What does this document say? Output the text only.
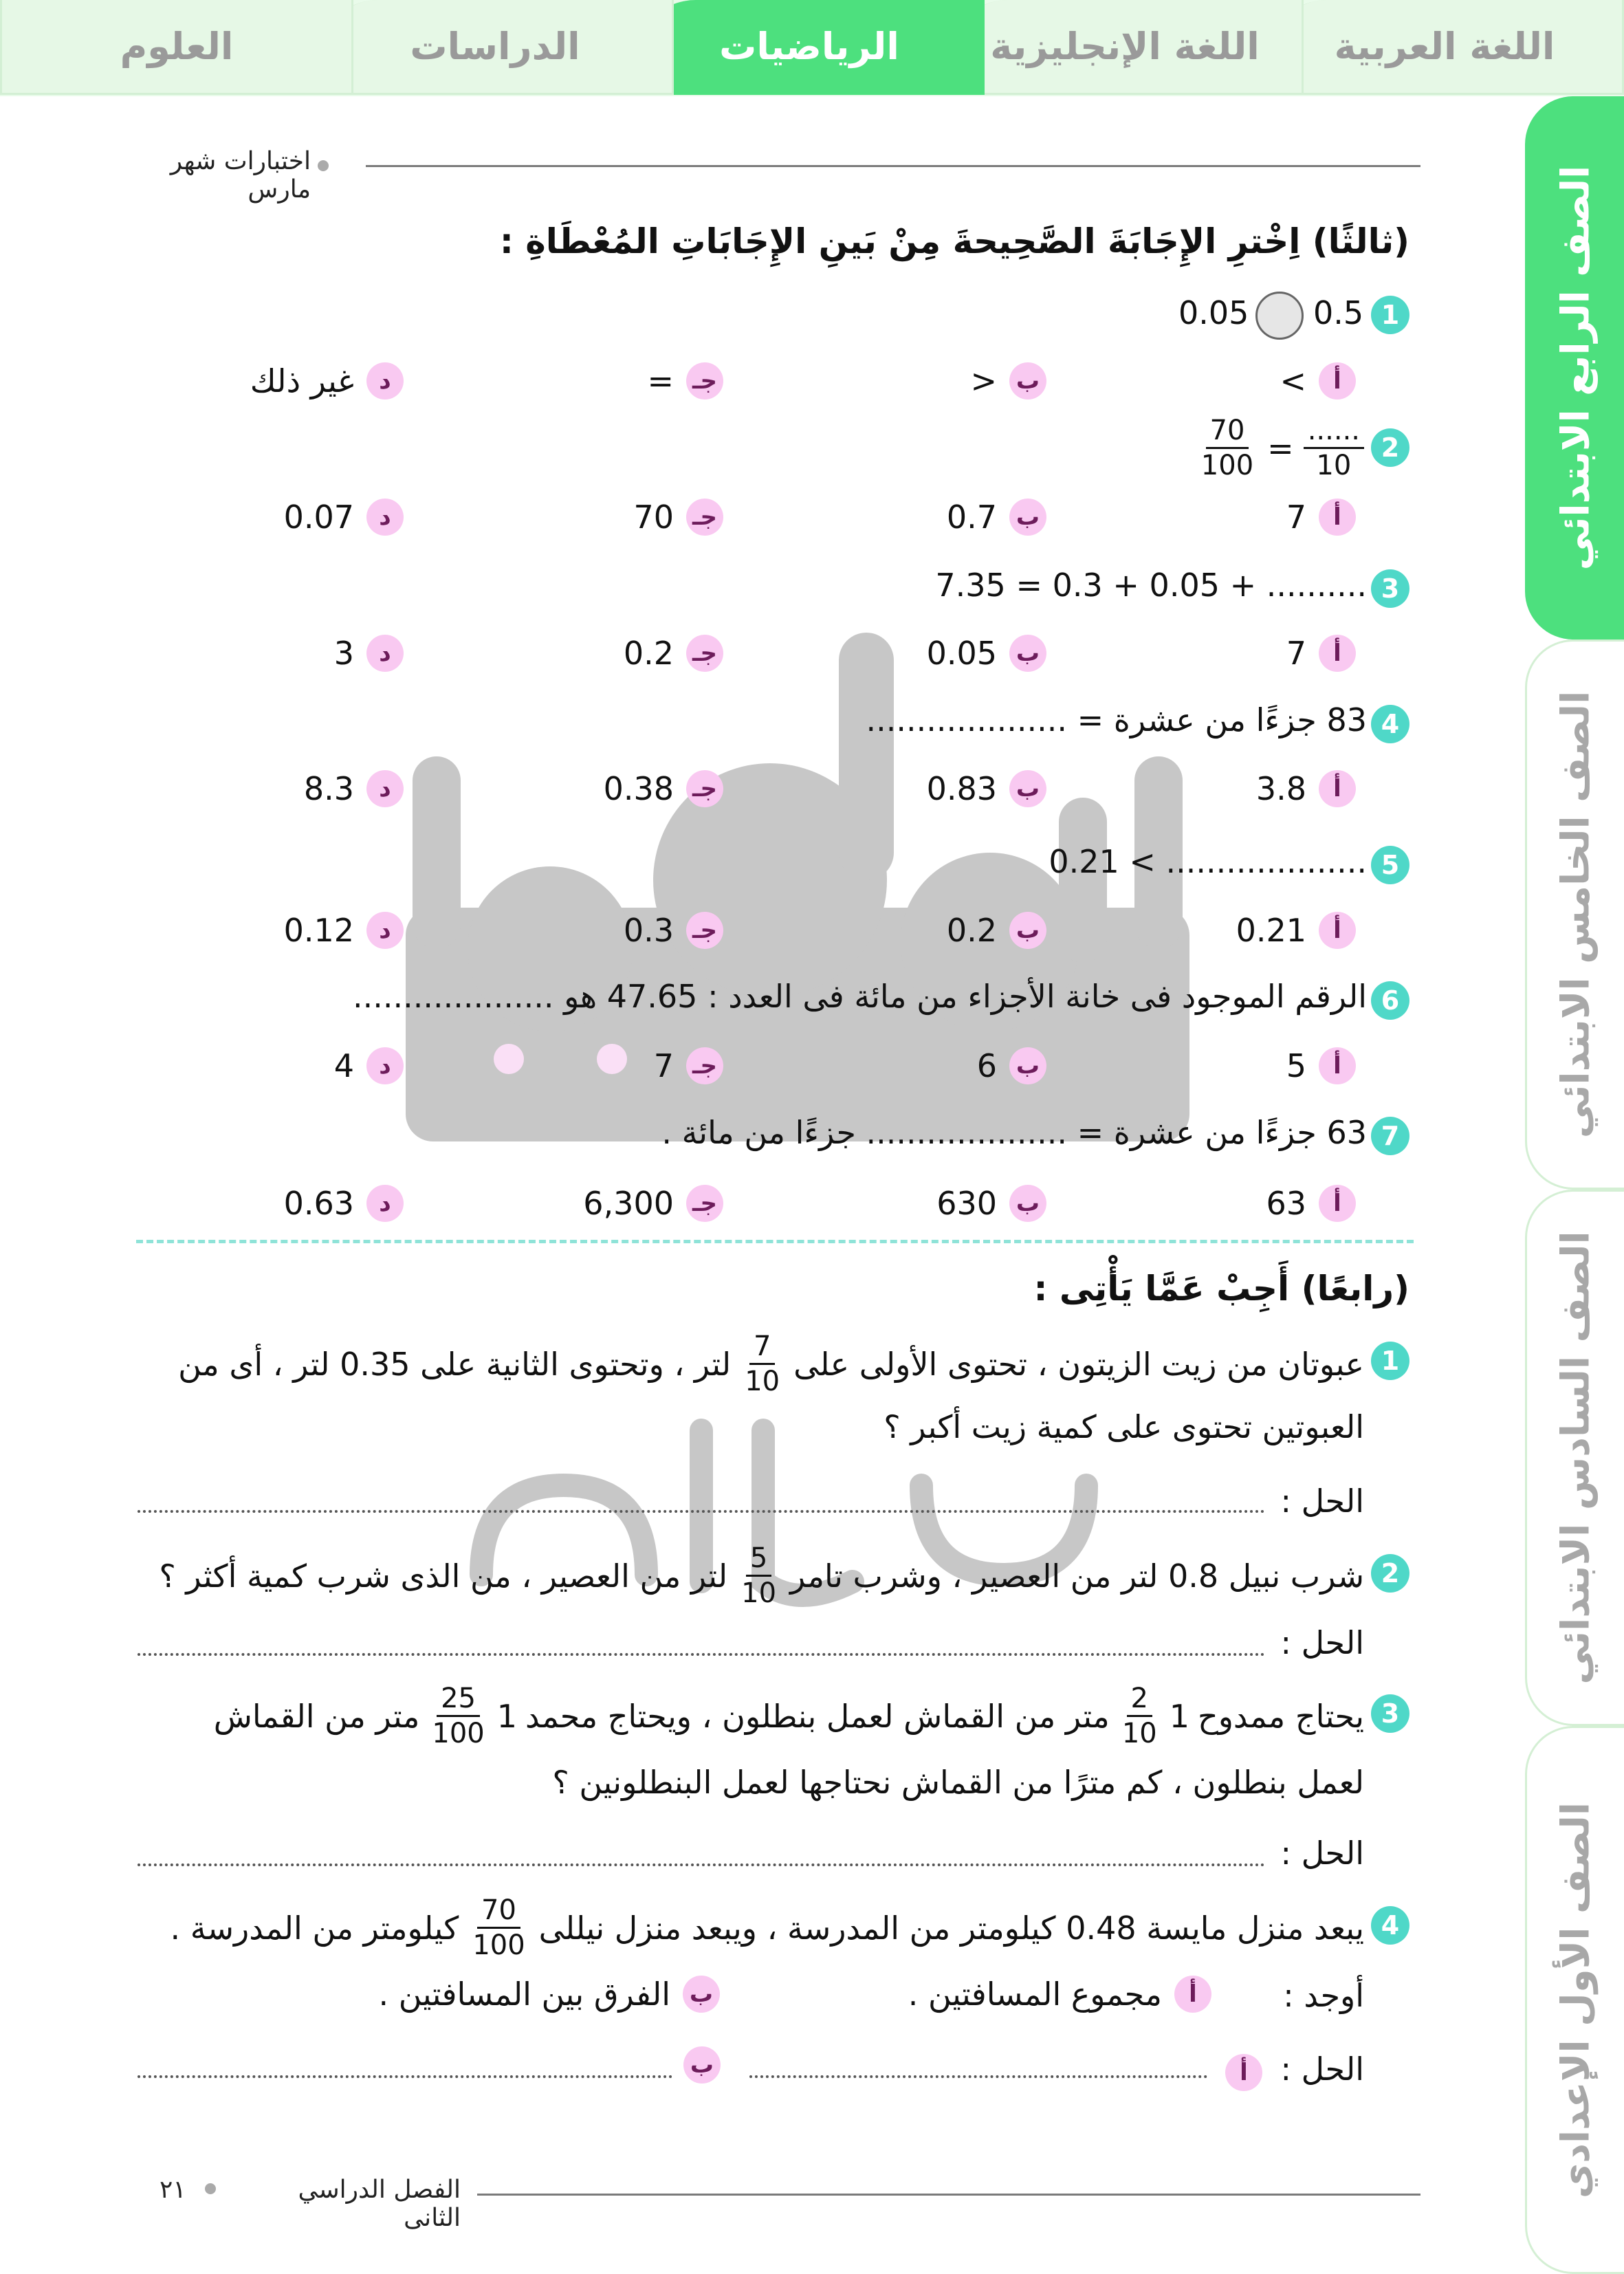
اللغة العربية
اللغة الإنجليزية
الرياضيات
الدراسات
العلوم
الصف الرابع الابتدائي
الصف الخامس الابتدائي
الصف السادس الابتدائي
الصف الأول الإعدادي
اختبارات شهر مارس
(ثالثًا) اِخْترِ الإِجَابَةَ الصَّحِيحةَ مِنْ بَينِ الإِجَابَاتِ المُعْطَاةِ :
1
0.5
0.05
أ
>
ب
<
جـ
=
د
غير ذلك
2
$\frac{70}{100} = \frac{......}{10}$
أ
7
ب
0.7
جـ
70
د
0.07
3
7.35 = 0.3 + 0.05 + ..........
أ
7
ب
0.05
جـ
0.2
د
3
4
83 جزءًا من عشرة = ....................
أ
3.8
ب
0.83
جـ
0.38
د
8.3
5
0.21 < ....................
أ
0.21
ب
0.2
جـ
0.3
د
0.12
6
الرقم الموجود فى خانة الأجزاء من مائة فى العدد : 47.65 هو ....................
أ
5
ب
6
جـ
7
د
4
7
63 جزءًا من عشرة = .................... جزءًا من مائة .
أ
63
ب
630
جـ
6,300
د
0.63
(رابعًا) أَجِبْ عَمَّا يَأْتِى :
1
عبوتان من زيت الزيتون ، تحتوى الأولى على
$\frac{7}{10}$
لتر ، وتحتوى الثانية على 0.35 لتر ، أى من
العبوتين تحتوى على كمية زيت أكبر ؟
الحل :
2
شرب نبيل 0.8 لتر من العصير ، وشرب تامر
$\frac{5}{10}$
لتر من العصير ، من الذى شرب كمية أكثر ؟
الحل :
3
يحتاج ممدوح
1
$\frac{2}{10}$
متر من القماش لعمل بنطلون ، ويحتاج محمد
1
$\frac{25}{100}$
متر من القماش
لعمل بنطلون ، كم مترًا من القماش نحتاجها لعمل البنطلونين ؟
الحل :
4
يبعد منزل مايسة 0.48 كيلومتر من المدرسة ، ويبعد منزل نيللى
$\frac{70}{100}$
كيلومتر من المدرسة .
أوجد :
أ
مجموع المسافتين .
ب
الفرق بين المسافتين .
الحل :
أ
ب
الفصل الدراسي الثانى
٢١
